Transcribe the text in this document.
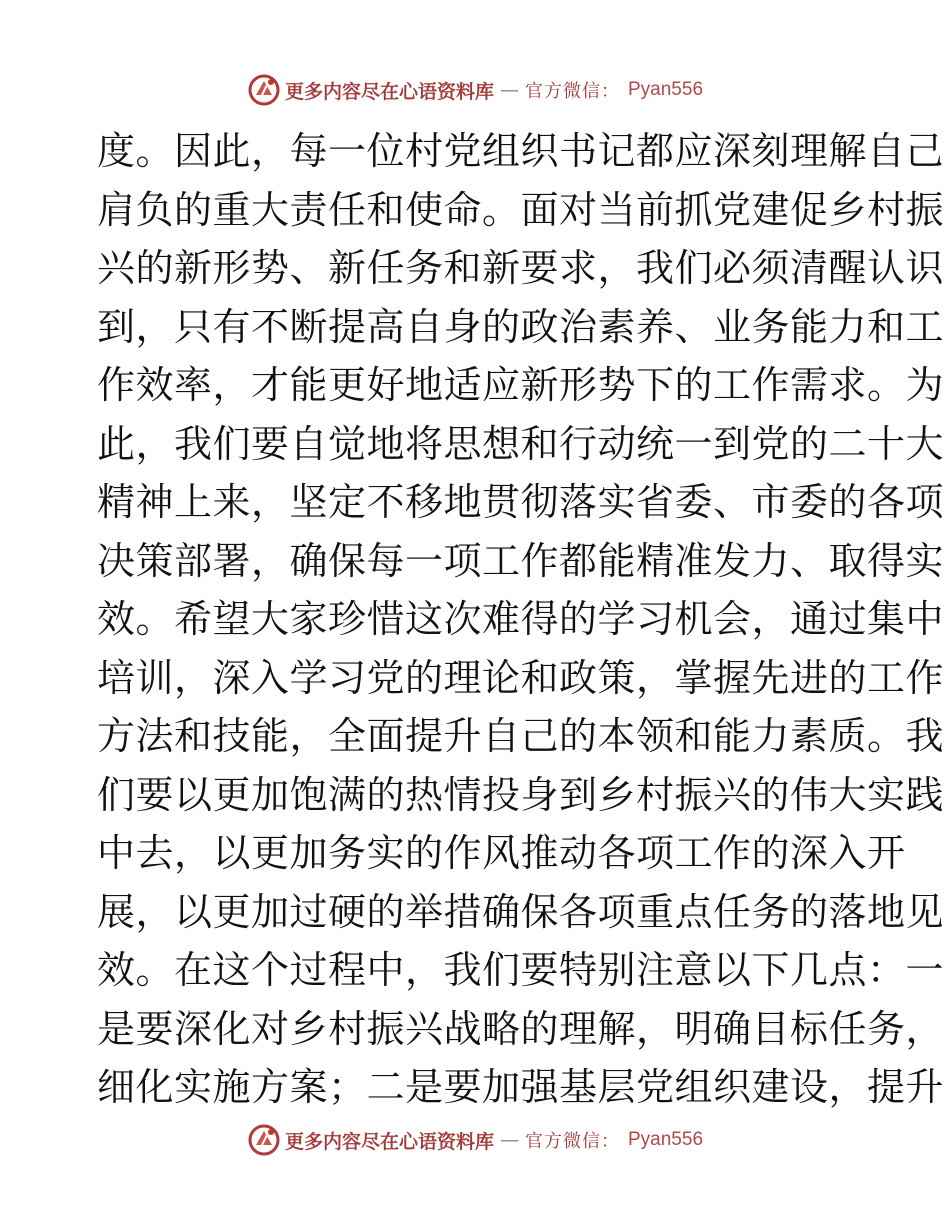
更多内容尽在心语资料库 — 官方微信： Pyan556
度。因此，每一位村党组织书记都应深刻理解自己
肩负的重大责任和使命。面对当前抓党建促乡村振
兴的新形势、新任务和新要求，我们必须清醒认识
到，只有不断提高自身的政治素养、业务能力和工
作效率，才能更好地适应新形势下的工作需求。为
此，我们要自觉地将思想和行动统一到党的二十大
精神上来，坚定不移地贯彻落实省委、市委的各项
决策部署，确保每一项工作都能精准发力、取得实
效。希望大家珍惜这次难得的学习机会，通过集中
培训，深入学习党的理论和政策，掌握先进的工作
方法和技能，全面提升自己的本领和能力素质。我
们要以更加饱满的热情投身到乡村振兴的伟大实践
中去，以更加务实的作风推动各项工作的深入开
展，以更加过硬的举措确保各项重点任务的落地见
效。在这个过程中，我们要特别注意以下几点：一
是要深化对乡村振兴战略的理解，明确目标任务，
细化实施方案；二是要加强基层党组织建设，提升
更多内容尽在心语资料库 — 官方微信： Pyan556
